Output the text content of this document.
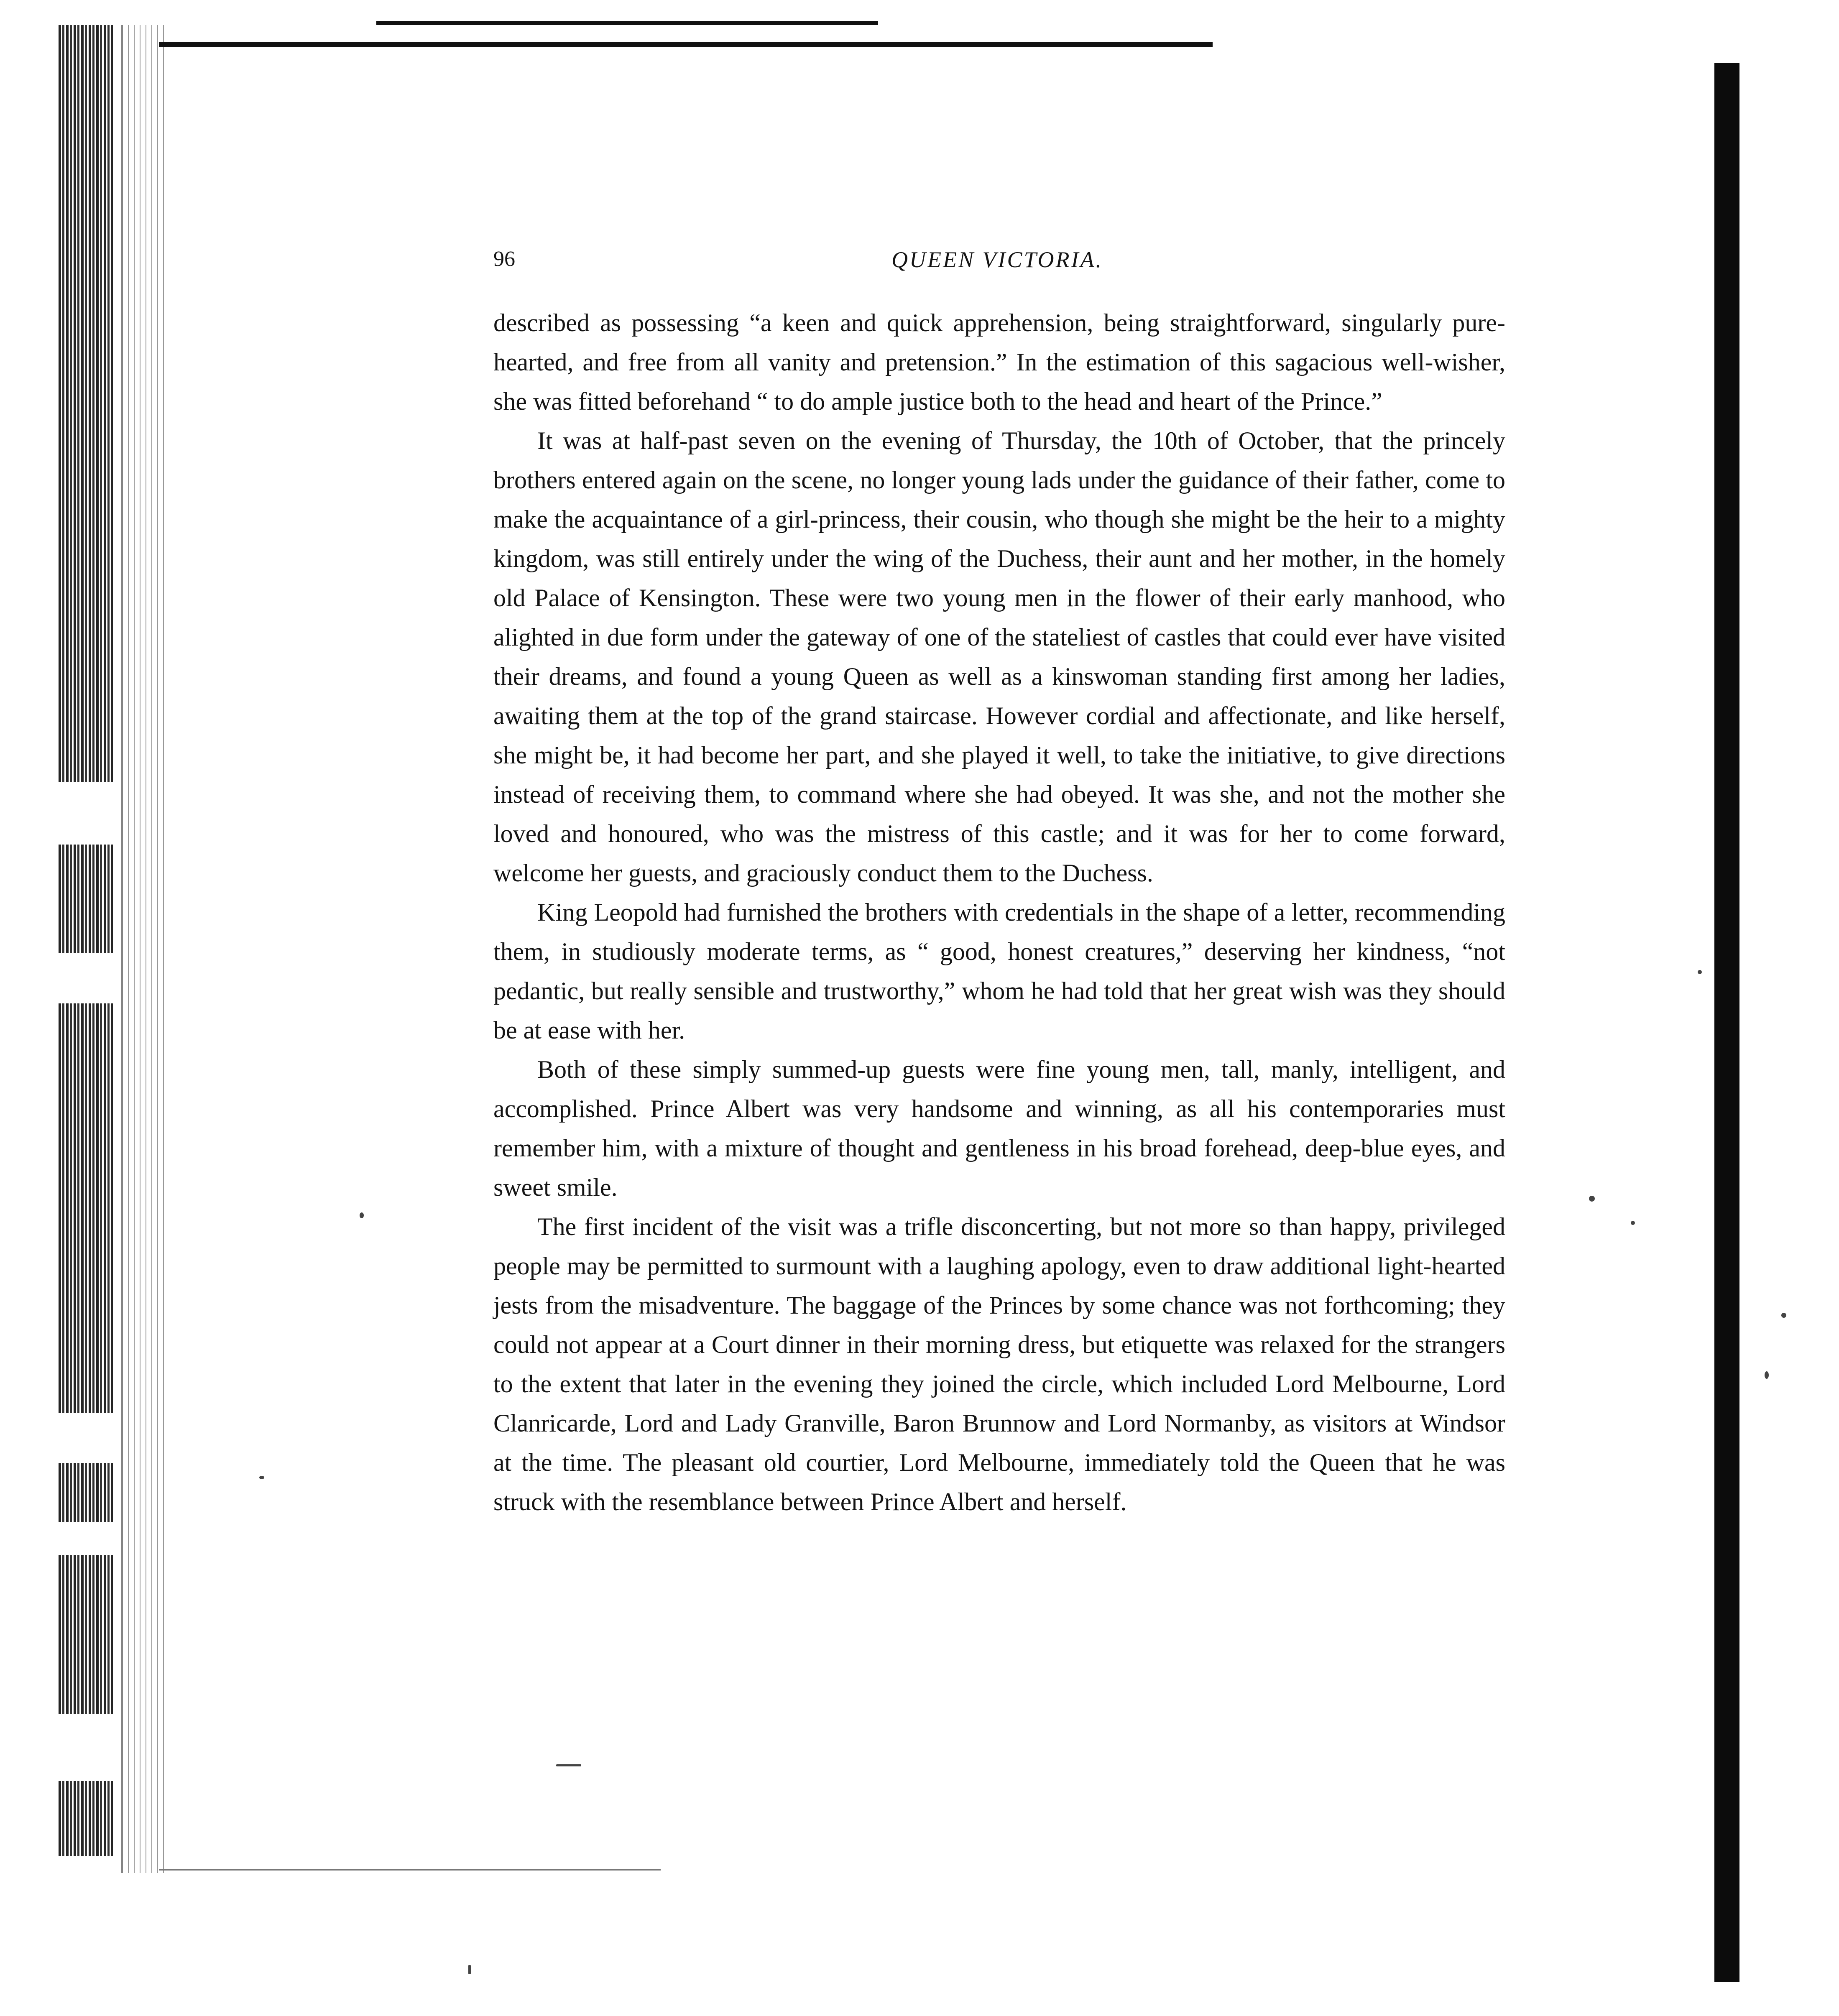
96	QUEEN VICTORIA.

described as possessing “a keen and quick apprehension, being straightforward, singularly pure-hearted, and free from all vanity and pretension.” In the estimation of this sagacious well-wisher, she was fitted beforehand “ to do ample justice both to the head and heart of the Prince.”

It was at half-past seven on the evening of Thursday, the 10th of October, that the princely brothers entered again on the scene, no longer young lads under the guidance of their father, come to make the acquaintance of a girl-princess, their cousin, who though she might be the heir to a mighty kingdom, was still entirely under the wing of the Duchess, their aunt and her mother, in the homely old Palace of Kensington. These were two young men in the flower of their early manhood, who alighted in due form under the gateway of one of the stateliest of castles that could ever have visited their dreams, and found a young Queen as well as a kinswoman standing first among her ladies, awaiting them at the top of the grand staircase. However cordial and affectionate, and like herself, she might be, it had become her part, and she played it well, to take the initiative, to give directions instead of receiving them, to command where she had obeyed. It was she, and not the mother she loved and honoured, who was the mistress of this castle; and it was for her to come forward, welcome her guests, and graciously conduct them to the Duchess.

King Leopold had furnished the brothers with credentials in the shape of a letter, recommending them, in studiously moderate terms, as “ good, honest creatures,” deserving her kindness, “not pedantic, but really sensible and trustworthy,” whom he had told that her great wish was they should be at ease with her.

Both of these simply summed-up guests were fine young men, tall, manly, intelligent, and accomplished. Prince Albert was very handsome and winning, as all his contemporaries must remember him, with a mixture of thought and gentleness in his broad forehead, deep-blue eyes, and sweet smile.

The first incident of the visit was a trifle disconcerting, but not more so than happy, privileged people may be permitted to surmount with a laughing apology, even to draw additional light-hearted jests from the misadventure. The baggage of the Princes by some chance was not forthcoming; they could not appear at a Court dinner in their morning dress, but etiquette was relaxed for the strangers to the extent that later in the evening they joined the circle, which included Lord Melbourne, Lord Clanricarde, Lord and Lady Granville, Baron Brunnow and Lord Normanby, as visitors at Windsor at the time. The pleasant old courtier, Lord Melbourne, immediately told the Queen that he was struck with the resemblance between Prince Albert and herself.
